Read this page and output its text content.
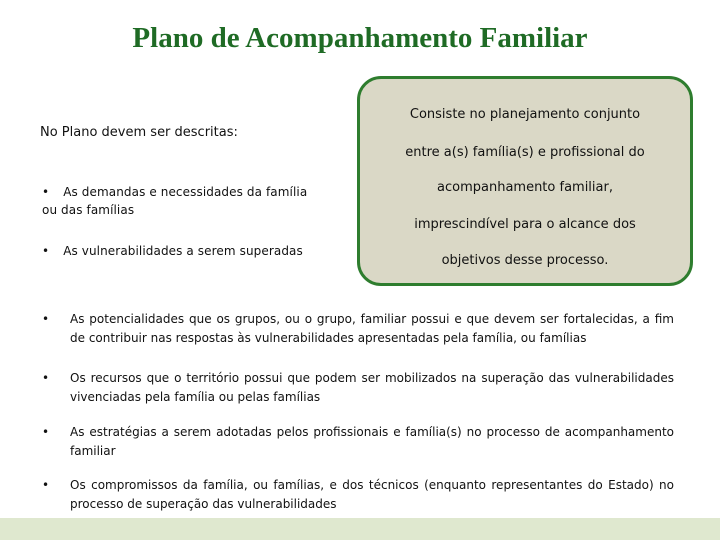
Plano de Acompanhamento Familiar
No Plano devem ser descritas:
• As demandas e necessidades da família ou das famílias
• As vulnerabilidades a serem superadas
Consiste no planejamento conjunto
entre a(s) família(s) e profissional do
acompanhamento familiar,
imprescindível para o alcance dos
objetivos desse processo.
•	As potencialidades que os grupos, ou o grupo, familiar possui e que devem ser fortalecidas, a fim de contribuir nas respostas às vulnerabilidades apresentadas pela família, ou famílias
•	Os recursos que o território possui que podem ser mobilizados na superação das vulnerabilidades vivenciadas pela família ou pelas famílias
•	As estratégias a serem adotadas pelos profissionais e família(s) no processo de acompanhamento familiar
•	Os compromissos da família, ou famílias, e dos técnicos (enquanto representantes do Estado) no processo de superação das vulnerabilidades
